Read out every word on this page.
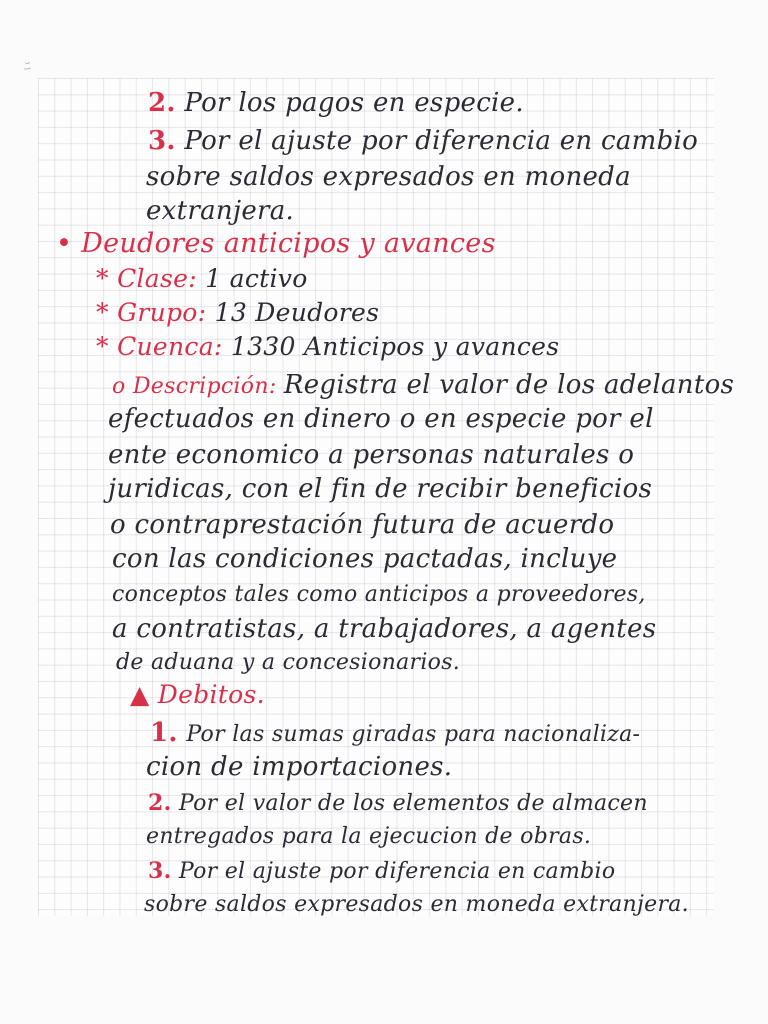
ﾆ
2. Por los pagos en especie.
3. Por el ajuste por diferencia en cambio
sobre saldos expresados en moneda
extranjera.
• Deudores anticipos y avances
* Clase: 1 activo
* Grupo: 13 Deudores
* Cuenca: 1330 Anticipos y avances
o Descripción: Registra el valor de los adelantos
efectuados en dinero o en especie por el
ente economico a personas naturales o
juridicas, con el fin de recibir beneficios
o contraprestación futura de acuerdo
con las condiciones pactadas, incluye
conceptos tales como anticipos a proveedores,
a contratistas, a trabajadores, a agentes
de aduana y a concesionarios.
▲ Debitos.
1. Por las sumas giradas para nacionaliza-
cion de importaciones.
2. Por el valor de los elementos de almacen
entregados para la ejecucion de obras.
3. Por el ajuste por diferencia en cambio
sobre saldos expresados en moneda extranjera.
